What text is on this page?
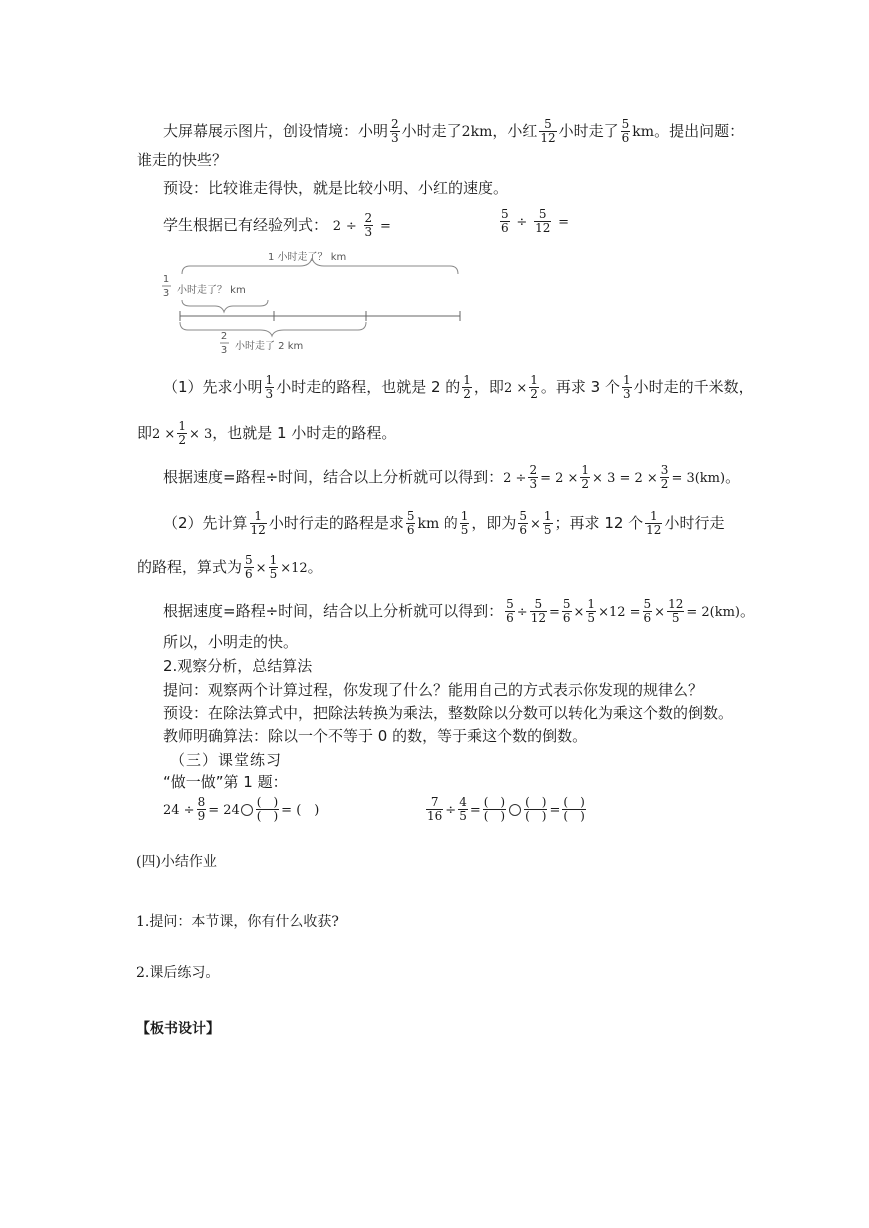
大屏幕展示图片，创设情境：小明 $\frac{2}{3}$ 小时走了2km，小红 $\frac{5}{12}$ 小时走了 $\frac{5}{6}$ km。提出问题：
谁走的快些？
预设：比较谁走得快，就是比较小明、小红的速度。
学生根据已有经验列式： $2 \div \frac{2}{3}$ =	$\frac{5}{6} \div \frac{5}{12}$ =
1 小时走了？ km
1
3 小时走了？ km
2
3 小时走了 2 km
（1）先求小明 $\frac{1}{3}$ 小时走的路程，也就是 2 的 $\frac{1}{2}$ ，即$2 \times \frac{1}{2}$ 。再求 3 个 $\frac{1}{3}$ 小时走的千米数，
即$2 \times \frac{1}{2} \times 3$，也就是 1 小时走的路程。
根据速度=路程÷时间，结合以上分析就可以得到：$2 \div \frac{2}{3} = 2 \times \frac{1}{2} \times 3 = 2 \times \frac{3}{2} = 3(km)$。
（2）先计算 $\frac{1}{12}$ 小时行走的路程是求 $\frac{5}{6}$ km 的 $\frac{1}{5}$ ，即为 $\frac{5}{6} \times \frac{1}{5}$ ；再求 12 个 $\frac{1}{12}$ 小时行走
的路程，算式为 $\frac{5}{6} \times \frac{1}{5} \times 12$。
根据速度=路程÷时间，结合以上分析就可以得到： $\frac{5}{6} \div \frac{5}{12} = \frac{5}{6} \times \frac{1}{5} \times 12 = \frac{5}{6} \times \frac{12}{5} = 2(km)$。
所以，小明走的快。
2.观察分析，总结算法
提问：观察两个计算过程，你发现了什么？能用自己的方式表示你发现的规律么？
预设：在除法算式中，把除法转换为乘法，整数除以分数可以转化为乘这个数的倒数。
教师明确算法：除以一个不等于 0 的数，等于乘这个数的倒数。
（三）课堂练习
“做一做”第 1 题：
$24 \div \frac{8}{9} = 24 \frac{( )}{( )}$ = (　)	$\frac{7}{16} \div \frac{4}{5} = \frac{( )}{( )} \frac{( )}{( )} = \frac{( )}{( )}$
(四)小结作业
1.提问：本节课，你有什么收获?
2.课后练习。
【板书设计】
